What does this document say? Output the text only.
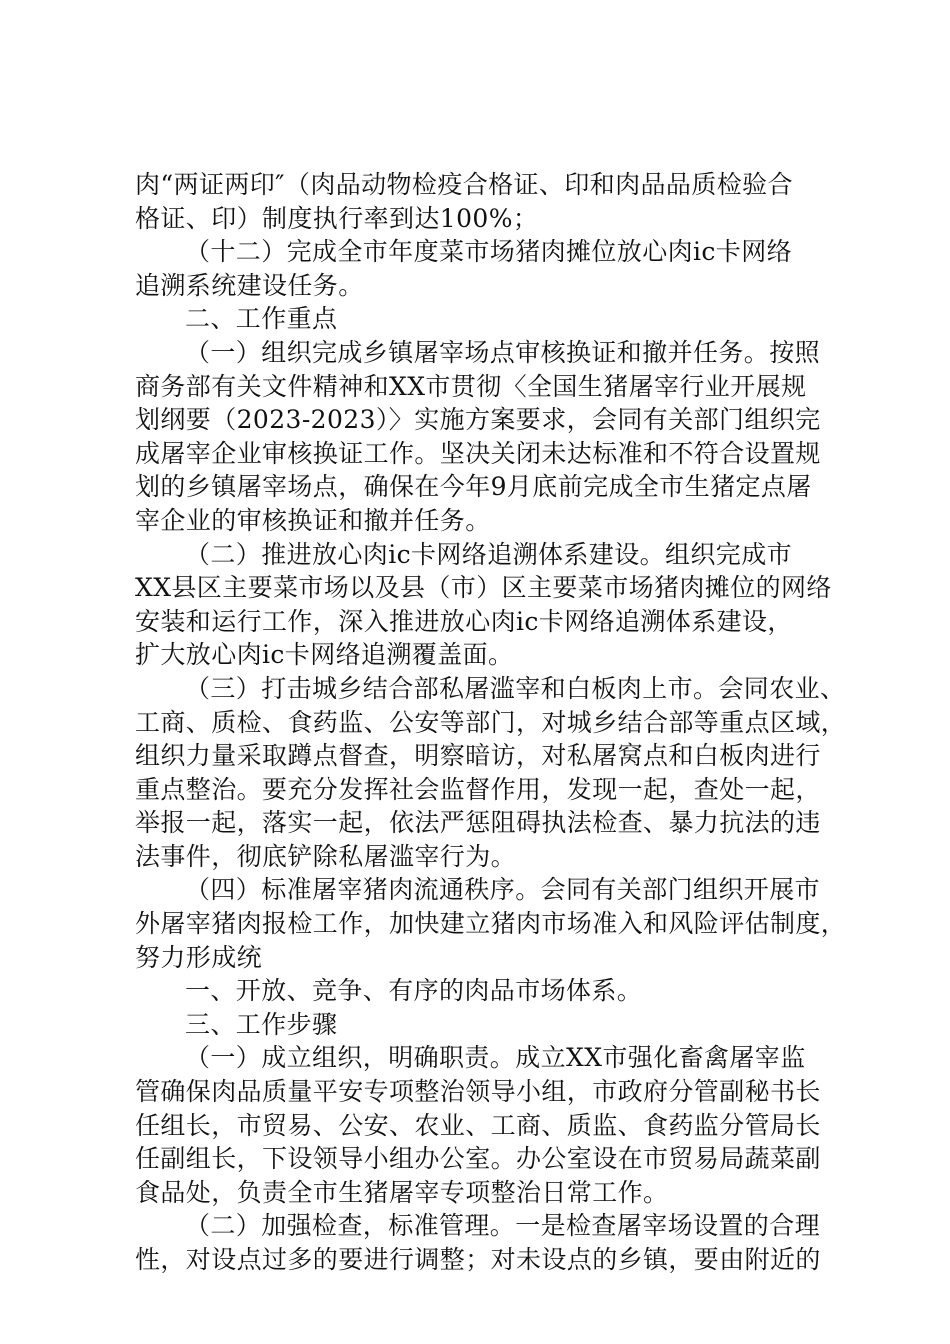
肉“两证两印″（肉品动物检疫合格证、印和肉品品质检验合
格证、印）制度执行率到达100%；
（十二）完成全市年度菜市场猪肉摊位放心肉ic卡网络
追溯系统建设任务。
二、工作重点
（一）组织完成乡镇屠宰场点审核换证和撤并任务。按照
商务部有关文件精神和XX市贯彻〈全国生猪屠宰行业开展规
划纲要（2023-2023）〉实施方案要求，会同有关部门组织完
成屠宰企业审核换证工作。坚决关闭未达标准和不符合设置规
划的乡镇屠宰场点，确保在今年9月底前完成全市生猪定点屠
宰企业的审核换证和撤并任务。
（二）推进放心肉ic卡网络追溯体系建设。组织完成市
XX县区主要菜市场以及县（市）区主要菜市场猪肉摊位的网络
安装和运行工作，深入推进放心肉ic卡网络追溯体系建设，
扩大放心肉ic卡网络追溯覆盖面。
（三）打击城乡结合部私屠滥宰和白板肉上市。会同农业、
工商、质检、食药监、公安等部门，对城乡结合部等重点区域，
组织力量采取蹲点督查，明察暗访，对私屠窝点和白板肉进行
重点整治。要充分发挥社会监督作用，发现一起，查处一起，
举报一起，落实一起，依法严惩阻碍执法检查、暴力抗法的违
法事件，彻底铲除私屠滥宰行为。
（四）标准屠宰猪肉流通秩序。会同有关部门组织开展市
外屠宰猪肉报检工作，加快建立猪肉市场准入和风险评估制度，
努力形成统
一、开放、竞争、有序的肉品市场体系。
三、工作步骤
（一）成立组织，明确职责。成立XX市强化畜禽屠宰监
管确保肉品质量平安专项整治领导小组，市政府分管副秘书长
任组长，市贸易、公安、农业、工商、质监、食药监分管局长
任副组长，下设领导小组办公室。办公室设在市贸易局蔬菜副
食品处，负责全市生猪屠宰专项整治日常工作。
（二）加强检查，标准管理。一是检查屠宰场设置的合理
性，对设点过多的要进行调整；对未设点的乡镇，要由附近的
